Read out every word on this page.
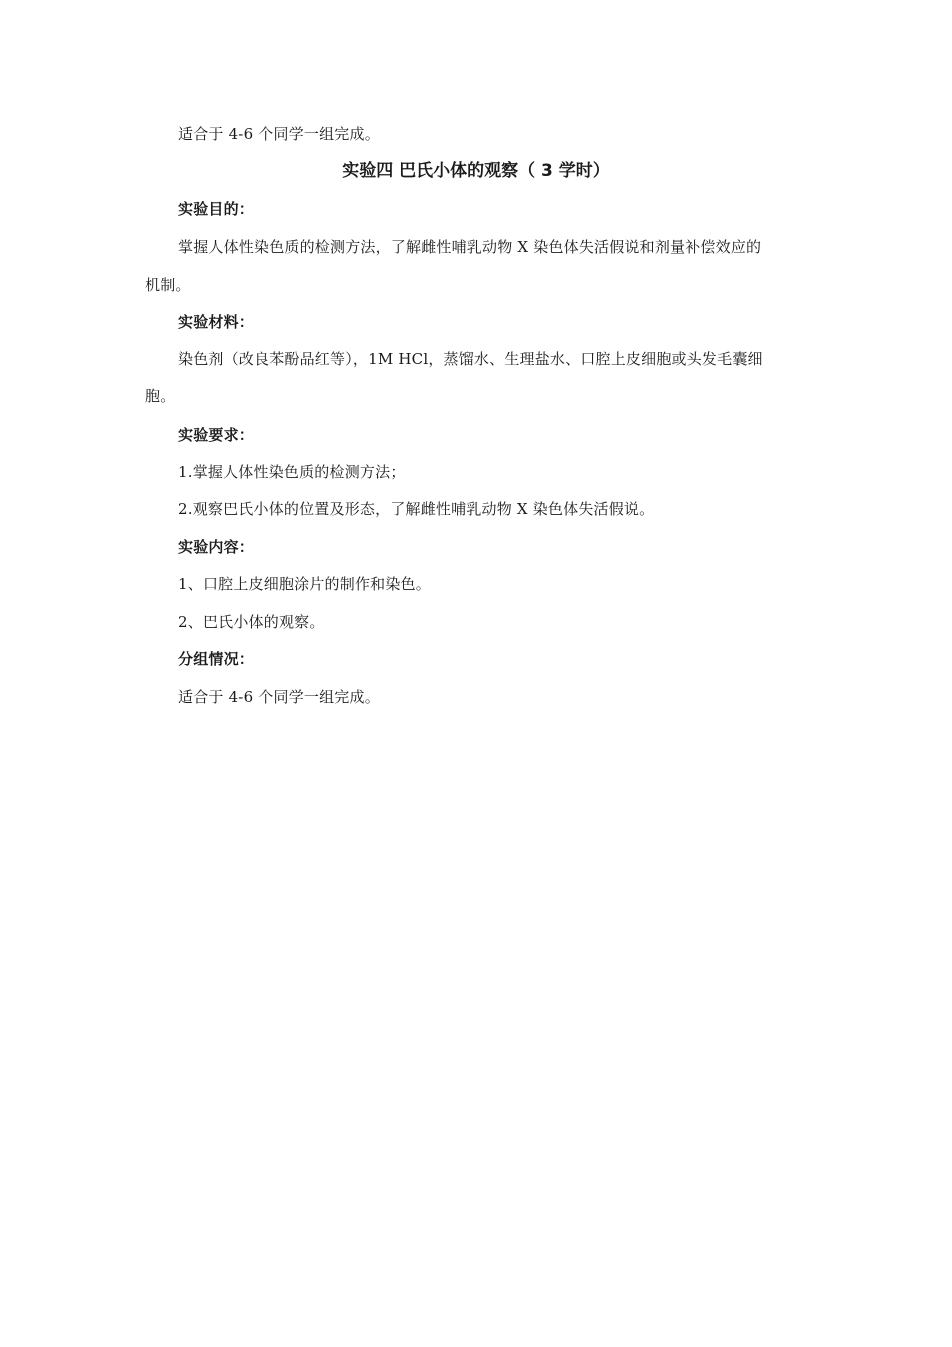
适合于 4-6 个同学一组完成。
实验四 巴氏小体的观察（ 3 学时）
实验目的：
掌握人体性染色质的检测方法，了解雌性哺乳动物 X 染色体失活假说和剂量补偿效应的
机制。
实验材料：
染色剂（改良苯酚品红等），1M HCl，蒸馏水、生理盐水、口腔上皮细胞或头发毛囊细
胞。
实验要求：
1.掌握人体性染色质的检测方法；
2.观察巴氏小体的位置及形态，了解雌性哺乳动物 X 染色体失活假说。
实验内容：
1、口腔上皮细胞涂片的制作和染色。
2、巴氏小体的观察。
分组情况：
适合于 4-6 个同学一组完成。
